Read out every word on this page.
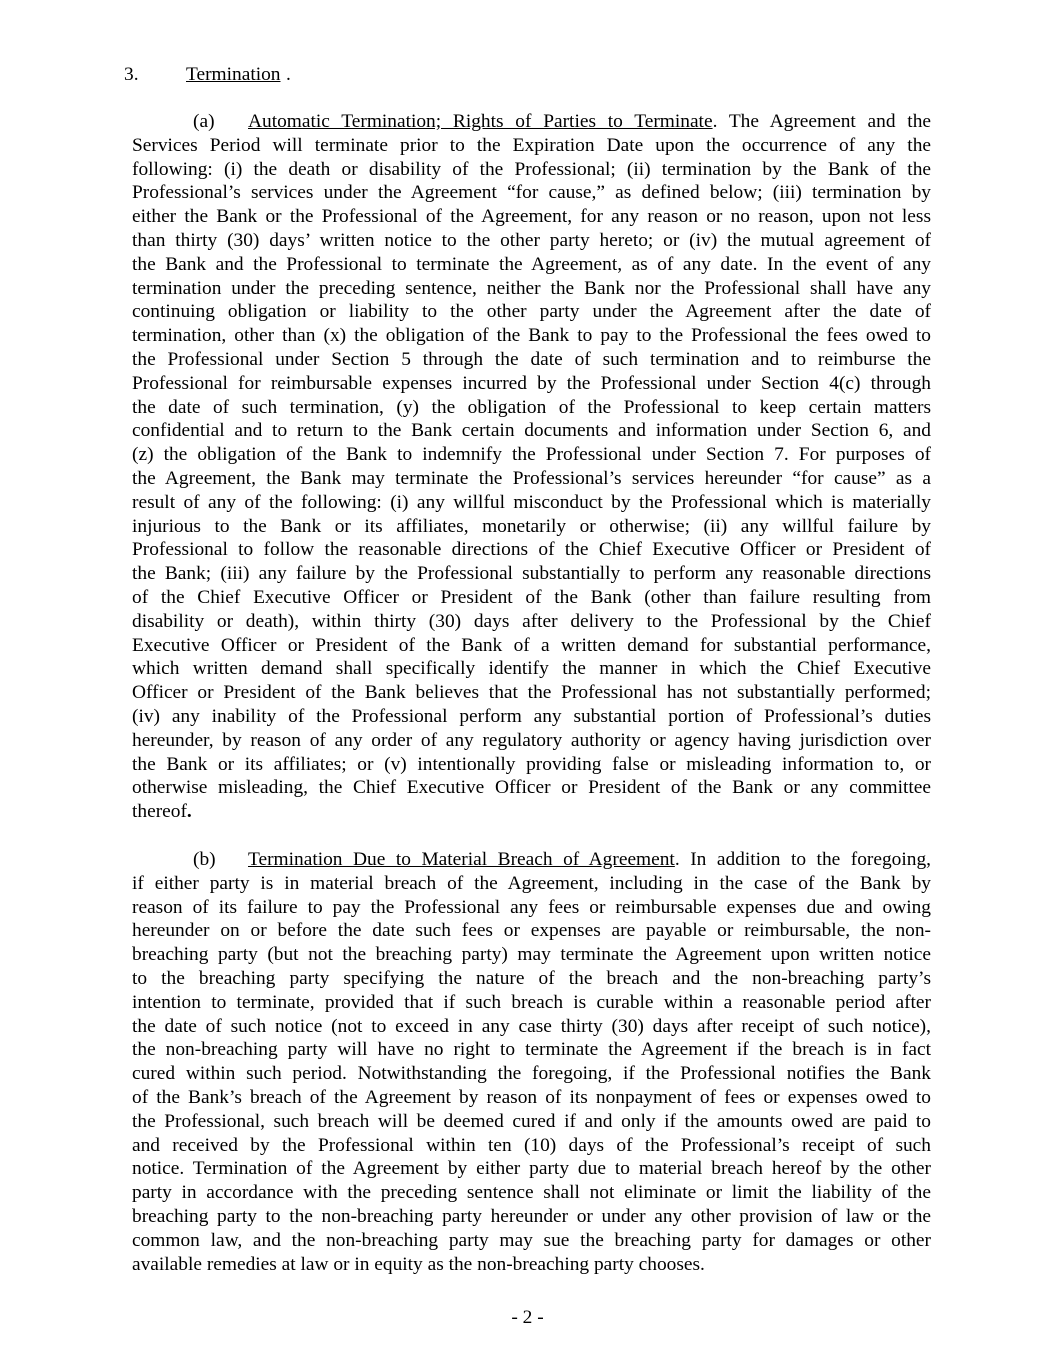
3. Termination .
(a) Automatic Termination; Rights of Parties to Terminate. The Agreement and the
Services Period will terminate prior to the Expiration Date upon the occurrence of any the
following: (i) the death or disability of the Professional; (ii) termination by the Bank of the
Professional’s services under the Agreement “for cause,” as defined below; (iii) termination by
either the Bank or the Professional of the Agreement, for any reason or no reason, upon not less
than thirty (30) days’ written notice to the other party hereto; or (iv) the mutual agreement of
the Bank and the Professional to terminate the Agreement, as of any date. In the event of any
termination under the preceding sentence, neither the Bank nor the Professional shall have any
continuing obligation or liability to the other party under the Agreement after the date of
termination, other than (x) the obligation of the Bank to pay to the Professional the fees owed to
the Professional under Section 5 through the date of such termination and to reimburse the
Professional for reimbursable expenses incurred by the Professional under Section 4(c) through
the date of such termination, (y) the obligation of the Professional to keep certain matters
confidential and to return to the Bank certain documents and information under Section 6, and
(z) the obligation of the Bank to indemnify the Professional under Section 7. For purposes of
the Agreement, the Bank may terminate the Professional’s services hereunder “for cause” as a
result of any of the following: (i) any willful misconduct by the Professional which is materially
injurious to the Bank or its affiliates, monetarily or otherwise; (ii) any willful failure by
Professional to follow the reasonable directions of the Chief Executive Officer or President of
the Bank; (iii) any failure by the Professional substantially to perform any reasonable directions
of the Chief Executive Officer or President of the Bank (other than failure resulting from
disability or death), within thirty (30) days after delivery to the Professional by the Chief
Executive Officer or President of the Bank of a written demand for substantial performance,
which written demand shall specifically identify the manner in which the Chief Executive
Officer or President of the Bank believes that the Professional has not substantially performed;
(iv) any inability of the Professional perform any substantial portion of Professional’s duties
hereunder, by reason of any order of any regulatory authority or agency having jurisdiction over
the Bank or its affiliates; or (v) intentionally providing false or misleading information to, or
otherwise misleading, the Chief Executive Officer or President of the Bank or any committee
thereof.
(b) Termination Due to Material Breach of Agreement. In addition to the foregoing,
if either party is in material breach of the Agreement, including in the case of the Bank by
reason of its failure to pay the Professional any fees or reimbursable expenses due and owing
hereunder on or before the date such fees or expenses are payable or reimbursable, the non-
breaching party (but not the breaching party) may terminate the Agreement upon written notice
to the breaching party specifying the nature of the breach and the non-breaching party’s
intention to terminate, provided that if such breach is curable within a reasonable period after
the date of such notice (not to exceed in any case thirty (30) days after receipt of such notice),
the non-breaching party will have no right to terminate the Agreement if the breach is in fact
cured within such period. Notwithstanding the foregoing, if the Professional notifies the Bank
of the Bank’s breach of the Agreement by reason of its nonpayment of fees or expenses owed to
the Professional, such breach will be deemed cured if and only if the amounts owed are paid to
and received by the Professional within ten (10) days of the Professional’s receipt of such
notice. Termination of the Agreement by either party due to material breach hereof by the other
party in accordance with the preceding sentence shall not eliminate or limit the liability of the
breaching party to the non-breaching party hereunder or under any other provision of law or the
common law, and the non-breaching party may sue the breaching party for damages or other
available remedies at law or in equity as the non-breaching party chooses.
- 2 -
